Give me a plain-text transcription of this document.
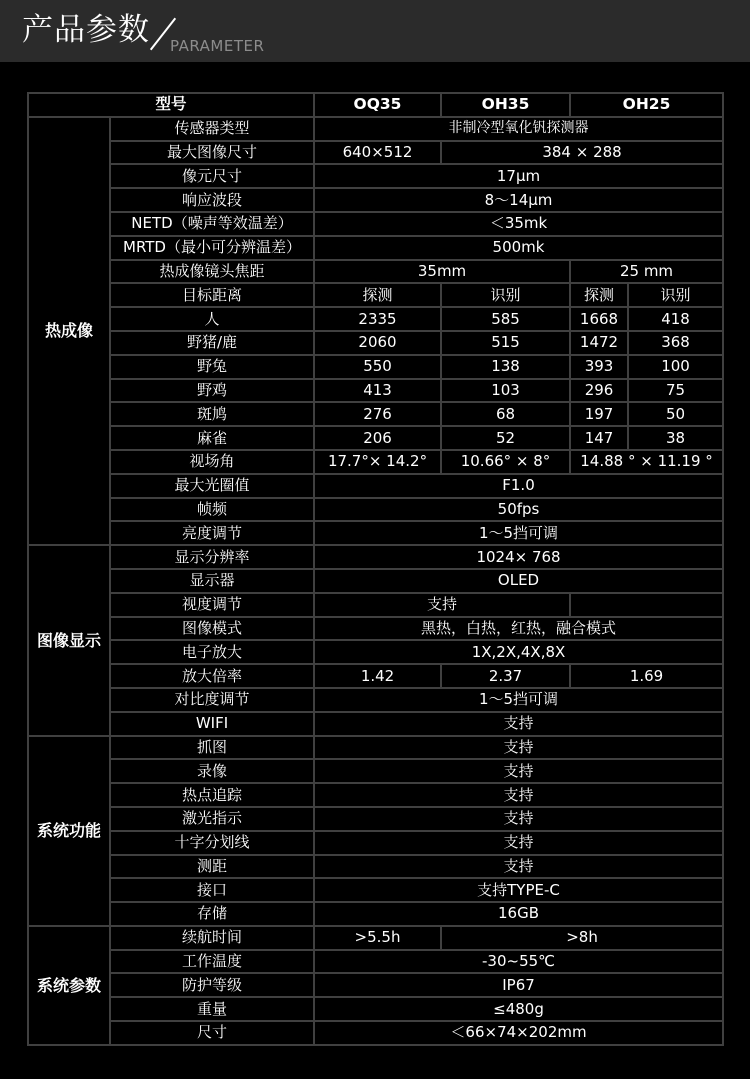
产品参数 PARAMETER
型号		OQ35	OH35	OH25	
热成像	传感器类型	非制冷型氧化钒探测器			
	最大图像尺寸	640×512	384 × 288		
	像元尺寸	17μm			
	响应波段	8～14μm			
	NETD（噪声等效温差）	＜35mk			
	MRTD（最小可分辨温差）	500mk			
	热成像镜头焦距	35mm		25 mm	
	目标距离	探测	识别	探测	识别
	人	2335	585	1668	418
	野猪/鹿	2060	515	1472	368
	野兔	550	138	393	100
	野鸡	413	103	296	75
	斑鸠	276	68	197	50
	麻雀	206	52	147	38
	视场角	17.7°× 14.2°	10.66° × 8°	14.88 ° × 11.19 °	
	最大光圈值	F1.0			
	帧频	50fps			
	亮度调节	1～5挡可调			
图像显示	显示分辨率	1024× 768			
	显示器	OLED			
	视度调节	支持			
	图像模式	黑热，白热，红热，融合模式			
	电子放大	1X,2X,4X,8X			
	放大倍率	1.42	2.37	1.69	
	对比度调节	1～5挡可调			
	WIFI	支持			
系统功能	抓图	支持			
	录像	支持			
	热点追踪	支持			
	激光指示	支持			
	十字分划线	支持			
	测距	支持			
	接口	支持TYPE-C			
	存储	16GB			
系统参数	续航时间	>5.5h	>8h		
	工作温度	-30~55℃			
	防护等级	IP67			
	重量	≤480g			
	尺寸	＜66×74×202mm			
